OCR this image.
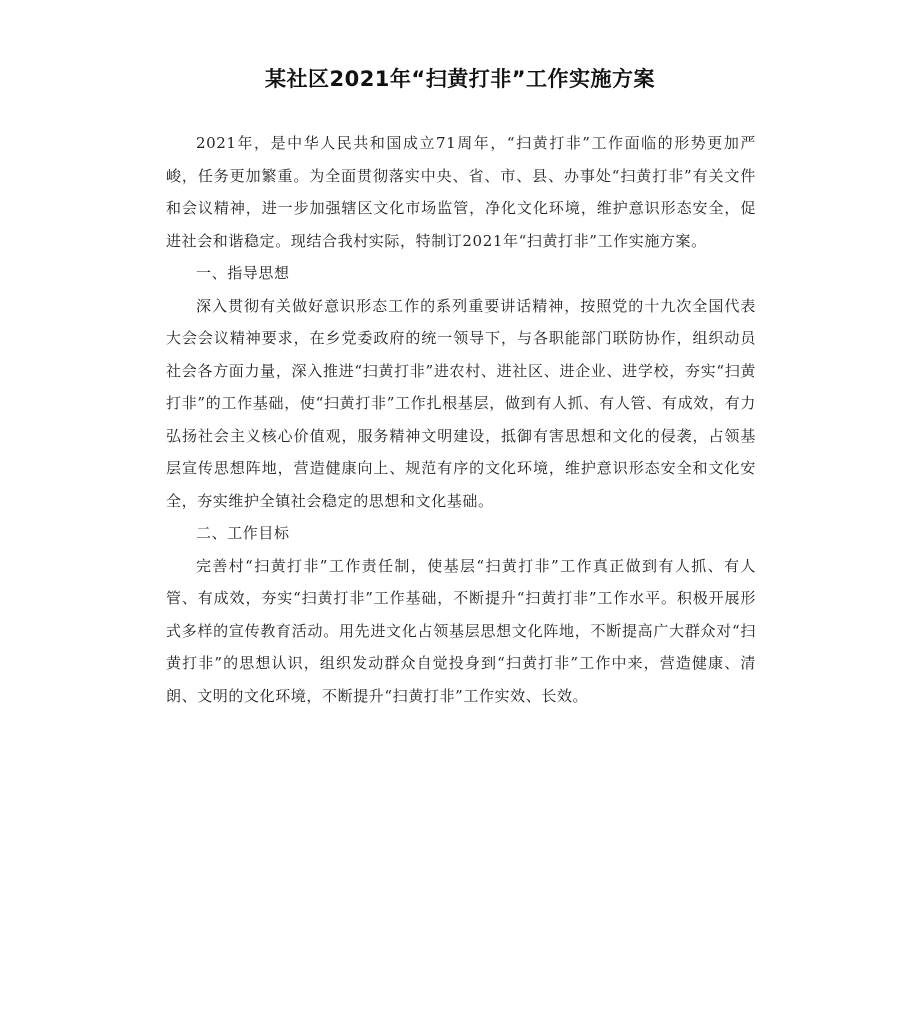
某社区2021年“扫黄打非”工作实施方案

2021年，是中华人民共和国成立71周年，“扫黄打非”工作面临的形势更加严峻，任务更加繁重。为全面贯彻落实中央、省、市、县、办事处“扫黄打非”有关文件和会议精神，进一步加强辖区文化市场监管，净化文化环境，维护意识形态安全，促进社会和谐稳定。现结合我村实际，特制订2021年“扫黄打非”工作实施方案。

一、指导思想

深入贯彻有关做好意识形态工作的系列重要讲话精神，按照党的十九次全国代表大会会议精神要求，在乡党委政府的统一领导下，与各职能部门联防协作，组织动员社会各方面力量，深入推进“扫黄打非”进农村、进社区、进企业、进学校，夯实“扫黄打非”的工作基础，使“扫黄打非”工作扎根基层，做到有人抓、有人管、有成效，有力弘扬社会主义核心价值观，服务精神文明建设，抵御有害思想和文化的侵袭，占领基层宣传思想阵地，营造健康向上、规范有序的文化环境，维护意识形态安全和文化安全，夯实维护全镇社会稳定的思想和文化基础。

二、工作目标

完善村“扫黄打非”工作责任制，使基层“扫黄打非”工作真正做到有人抓、有人管、有成效，夯实“扫黄打非”工作基础，不断提升“扫黄打非”工作水平。积极开展形式多样的宣传教育活动。用先进文化占领基层思想文化阵地，不断提高广大群众对“扫黄打非”的思想认识，组织发动群众自觉投身到“扫黄打非”工作中来，营造健康、清朗、文明的文化环境，不断提升“扫黄打非”工作实效、长效。
